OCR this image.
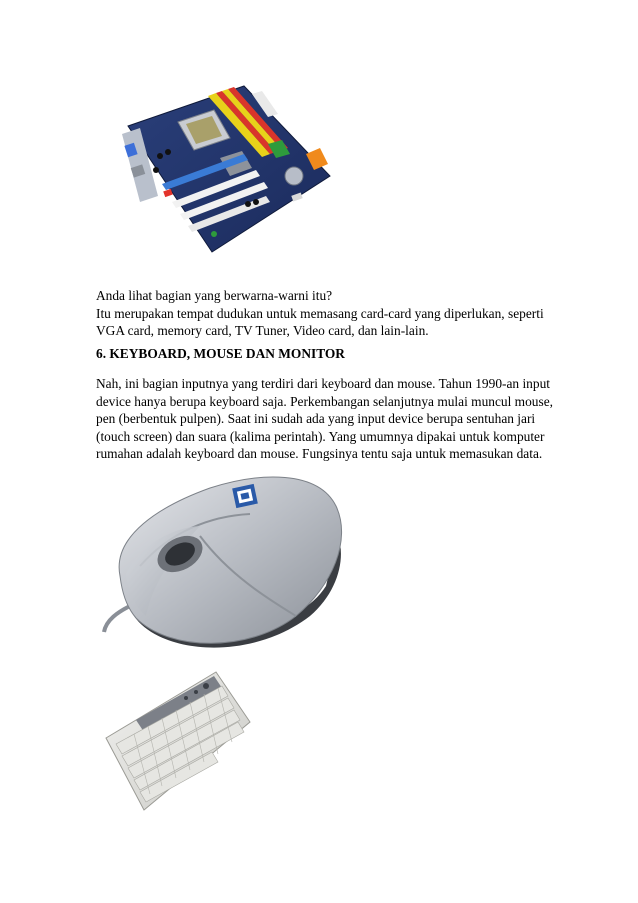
Anda lihat bagian yang berwarna-warni itu?
Itu merupakan tempat dudukan untuk memasang card-card yang diperlukan, seperti
VGA card, memory card, TV Tuner, Video card, dan lain-lain.
6. KEYBOARD, MOUSE DAN MONITOR
Nah, ini bagian inputnya yang terdiri dari keyboard dan mouse. Tahun 1990-an input
device hanya berupa keyboard saja. Perkembangan selanjutnya mulai muncul mouse,
pen (berbentuk pulpen). Saat ini sudah ada yang input device berupa sentuhan jari
(touch screen) dan suara (kalima perintah). Yang umumnya dipakai untuk komputer
rumahan adalah keyboard dan mouse. Fungsinya tentu saja untuk memasukan data.
